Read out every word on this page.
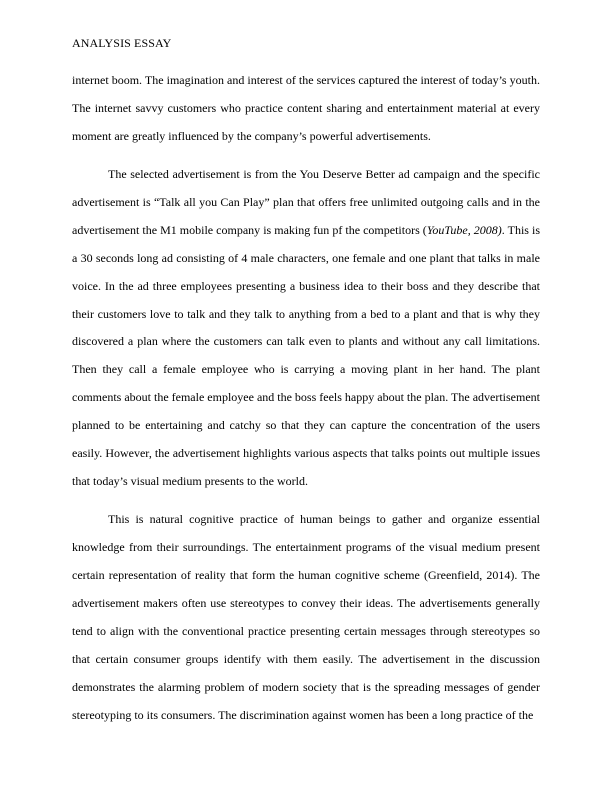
ANALYSIS ESSAY

internet boom. The imagination and interest of the services captured the interest of today’s youth. The internet savvy customers who practice content sharing and entertainment material at every moment are greatly influenced by the company’s powerful advertisements.

The selected advertisement is from the You Deserve Better ad campaign and the specific advertisement is “Talk all you Can Play” plan that offers free unlimited outgoing calls and in the advertisement the M1 mobile company is making fun pf the competitors (YouTube, 2008). This is a 30 seconds long ad consisting of 4 male characters, one female and one plant that talks in male voice. In the ad three employees presenting a business idea to their boss and they describe that their customers love to talk and they talk to anything from a bed to a plant and that is why they discovered a plan where the customers can talk even to plants and without any call limitations. Then they call a female employee who is carrying a moving plant in her hand. The plant comments about the female employee and the boss feels happy about the plan. The advertisement planned to be entertaining and catchy so that they can capture the concentration of the users easily. However, the advertisement highlights various aspects that talks points out multiple issues that today’s visual medium presents to the world.

This is natural cognitive practice of human beings to gather and organize essential knowledge from their surroundings. The entertainment programs of the visual medium present certain representation of reality that form the human cognitive scheme (Greenfield, 2014). The advertisement makers often use stereotypes to convey their ideas. The advertisements generally tend to align with the conventional practice presenting certain messages through stereotypes so that certain consumer groups identify with them easily. The advertisement in the discussion demonstrates the alarming problem of modern society that is the spreading messages of gender stereotyping to its consumers. The discrimination against women has been a long practice of the
